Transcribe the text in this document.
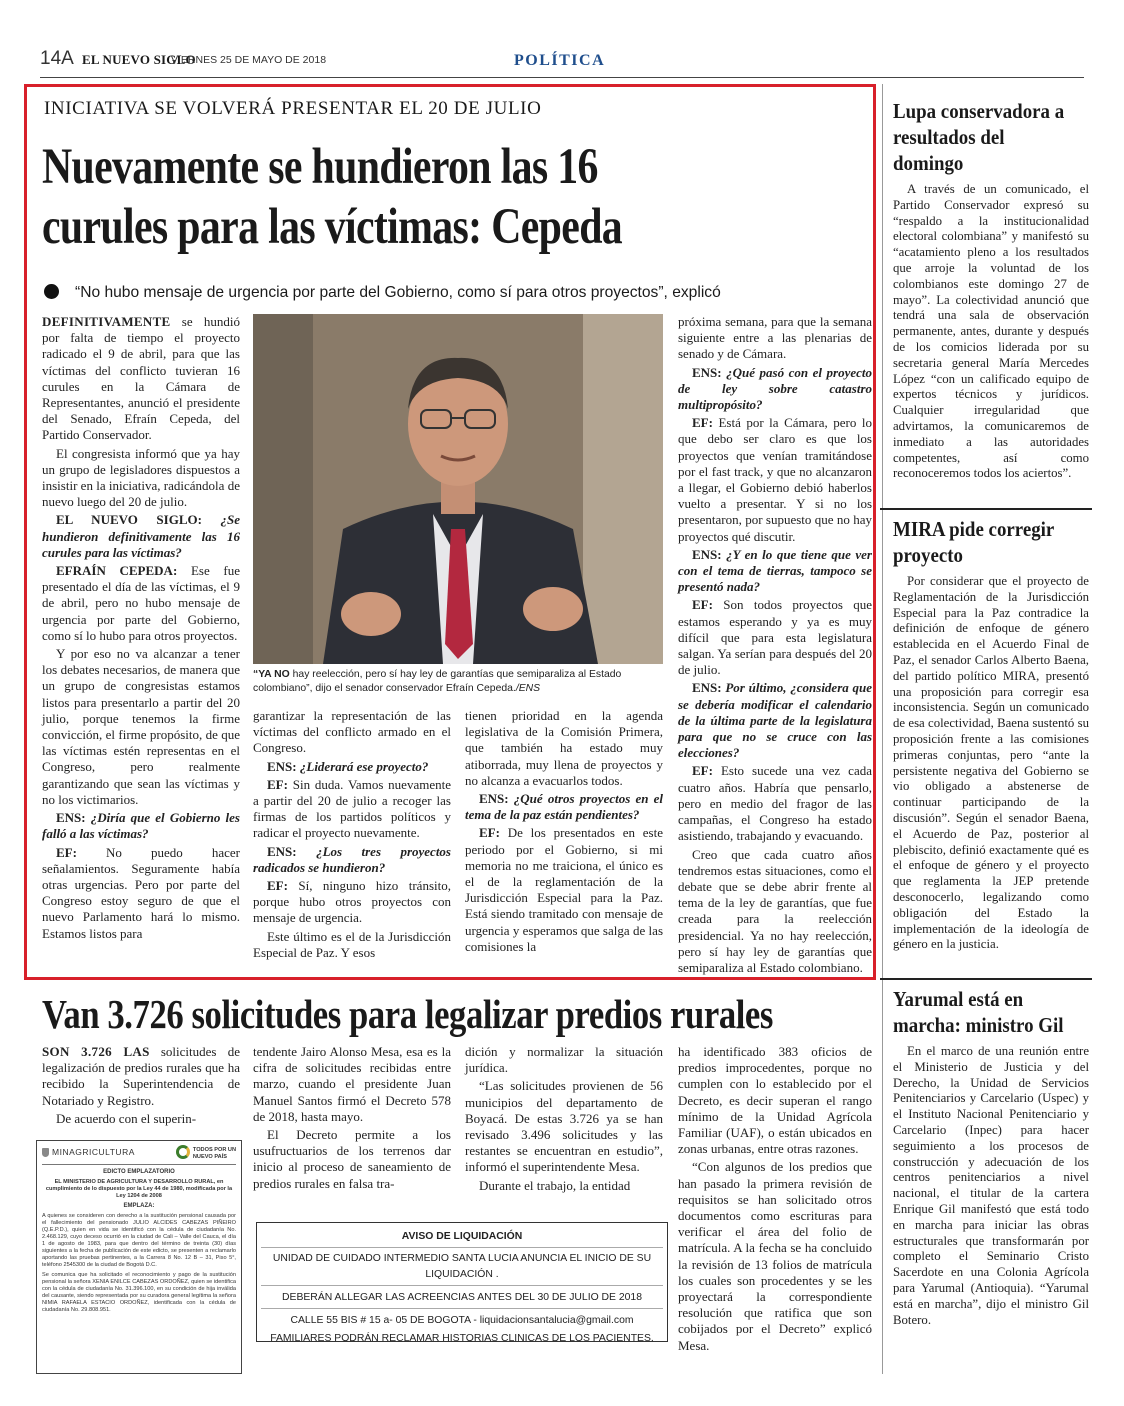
14A EL NUEVO SIGLO
VIERNES 25 DE MAYO DE 2018	POLÍTICA
INICIATIVA SE VOLVERÁ PRESENTAR EL 20 DE JULIO
Nuevamente se hundieron las 16
curules para las víctimas: Cepeda
“No hubo mensaje de urgencia por parte del Gobierno, como sí para otros proyectos”, explicó

DEFINITIVAMENTE se hundió por falta de tiempo el proyecto radicado el 9 de abril, para que las víctimas del conflicto tuvieran 16 curules en la Cámara de Representantes, anunció el presidente del Senado, Efraín Cepeda, del Partido Conservador.

El congresista informó que ya hay un grupo de legisladores dispuestos a insistir en la iniciativa, radicándola de nuevo luego del 20 de julio.

EL NUEVO SIGLO: ¿Se hundieron definitivamente las 16 curules para las víctimas?

EFRAÍN CEPEDA: Ese fue presentado el día de las víctimas, el 9 de abril, pero no hubo mensaje de urgencia por parte del Gobierno, como sí lo hubo para otros proyectos.

Y por eso no va alcanzar a tener los debates necesarios, de manera que un grupo de congresistas estamos listos para presentarlo a partir del 20 julio, porque tenemos la firme convicción, el firme propósito, de que las víctimas estén representas en el Congreso, pero realmente garantizando que sean las víctimas y no los victimarios.

ENS: ¿Diría que el Gobierno les falló a las víctimas?

EF: No puedo hacer señalamientos. Seguramente había otras urgencias. Pero por parte del Congreso estoy seguro de que el nuevo Parlamento hará lo mismo. Estamos listos para

“YA NO hay reelección, pero sí hay ley de garantías que semiparaliza al Estado colombiano”, dijo el senador conservador Efraín Cepeda./ENS

garantizar la representación de las víctimas del conflicto armado en el Congreso.

ENS: ¿Liderará ese proyecto?

EF: Sin duda. Vamos nuevamente a partir del 20 de julio a recoger las firmas de los partidos políticos y radicar el proyecto nuevamente.

ENS: ¿Los tres proyectos radicados se hundieron?

EF: Sí, ninguno hizo tránsito, porque hubo otros proyectos con mensaje de urgencia.

Este último es el de la Jurisdicción Especial de Paz. Y esos

tienen prioridad en la agenda legislativa de la Comisión Primera, que también ha estado muy atiborrada, muy llena de proyectos y no alcanza a evacuarlos todos.

ENS: ¿Qué otros proyectos en el tema de la paz están pendientes?

EF: De los presentados en este periodo por el Gobierno, si mi memoria no me traiciona, el único es el de la reglamentación de la Jurisdicción Especial para la Paz. Está siendo tramitado con mensaje de urgencia y esperamos que salga de las comisiones la

próxima semana, para que la semana siguiente entre a las plenarias de senado y de Cámara.

ENS: ¿Qué pasó con el proyecto de ley sobre catastro multipropósito?

EF: Está por la Cámara, pero lo que debo ser claro es que los proyectos que venían tramitándose por el fast track, y que no alcanzaron a llegar, el Gobierno debió haberlos vuelto a presentar. Y si no los presentaron, por supuesto que no hay proyectos qué discutir.

ENS: ¿Y en lo que tiene que ver con el tema de tierras, tampoco se presentó nada?

EF: Son todos proyectos que estamos esperando y ya es muy difícil que para esta legislatura salgan. Ya serían para después del 20 de julio.

ENS: Por último, ¿considera que se debería modificar el calendario de la última parte de la legislatura para que no se cruce con las elecciones?

EF: Esto sucede una vez cada cuatro años. Habría que pensarlo, pero en medio del fragor de las campañas, el Congreso ha estado asistiendo, trabajando y evacuando.

Creo que cada cuatro años tendremos estas situaciones, como el debate que se debe abrir frente al tema de la ley de garantías, que fue creada para la reelección presidencial. Ya no hay reelección, pero sí hay ley de garantías que semiparaliza al Estado colombiano.

Lupa conservadora a resultados del domingo

A través de un comunicado, el Partido Conservador expresó su “respaldo a la institucionalidad electoral colombiana” y manifestó su “acatamiento pleno a los resultados que arroje la voluntad de los colombianos este domingo 27 de mayo”. La colectividad anunció que tendrá una sala de observación permanente, antes, durante y después de los comicios liderada por su secretaria general María Mercedes López “con un calificado equipo de expertos técnicos y jurídicos. Cualquier irregularidad que advirtamos, la comunicaremos de inmediato a las autoridades competentes, así como reconoceremos todos los aciertos”.

MIRA pide corregir proyecto

Por considerar que el proyecto de Reglamentación de la Jurisdicción Especial para la Paz contradice la definición de enfoque de género establecida en el Acuerdo Final de Paz, el senador Carlos Alberto Baena, del partido político MIRA, presentó una proposición para corregir esa inconsistencia. Según un comunicado de esa colectividad, Baena sustentó su proposición frente a las comisiones primeras conjuntas, pero “ante la persistente negativa del Gobierno se vio obligado a abstenerse de continuar participando de la discusión”. Según el senador Baena, el Acuerdo de Paz, posterior al plebiscito, definió exactamente qué es el enfoque de género y el proyecto que reglamenta la JEP pretende desconocerlo, legalizando como obligación del Estado la implementación de la ideología de género en la justicia.

Yarumal está en marcha: ministro Gil

En el marco de una reunión entre el Ministerio de Justicia y del Derecho, la Unidad de Servicios Penitenciarios y Carcelario (Uspec) y el Instituto Nacional Penitenciario y Carcelario (Inpec) para hacer seguimiento a los procesos de construcción y adecuación de los centros penitenciarios a nivel nacional, el titular de la cartera Enrique Gil manifestó que está todo en marcha para iniciar las obras estructurales que transformarán por completo el Seminario Cristo Sacerdote en una Colonia Agrícola para Yarumal (Antioquia). “Yarumal está en marcha”, dijo el ministro Gil Botero.

Van 3.726 solicitudes para legalizar predios rurales

SON 3.726 LAS solicitudes de legalización de predios rurales que ha recibido la Superintendencia de Notariado y Registro.

De acuerdo con el superin-

tendente Jairo Alonso Mesa, esa es la cifra de solicitudes recibidas entre marzo, cuando el presidente Juan Manuel Santos firmó el Decreto 578 de 2018, hasta mayo.

El Decreto permite a los usufructuarios de los terrenos dar inicio al proceso de saneamiento de predios rurales en falsa tra-

dición y normalizar la situación jurídica.

“Las solicitudes provienen de 56 municipios del departamento de Boyacá. De estas 3.726 ya se han revisado 3.496 solicitudes y las restantes se encuentran en estudio”, informó el superintendente Mesa.

Durante el trabajo, la entidad

ha identificado 383 oficios de predios improcedentes, porque no cumplen con lo establecido por el Decreto, es decir superan el rango mínimo de la Unidad Agrícola Familiar (UAF), o están ubicados en zonas urbanas, entre otras razones.

“Con algunos de los predios que han pasado la primera revisión de requisitos se han solicitado otros documentos como escrituras para verificar el área del folio de matrícula. A la fecha se ha concluido la revisión de 13 folios de matrícula los cuales son procedentes y se les proyectará la correspondiente resolución que ratifica que son cobijados por el Decreto” explicó Mesa.

MINAGRICULTURA	TODOS POR UN
NUEVO PAÍS
EDICTO EMPLAZATORIO

EL MINISTERIO DE AGRICULTURA Y DESARROLLO RURAL, en cumplimiento de lo dispuesto por la Ley 44 de 1980, modificada por la Ley 1204 de 2008

EMPLAZA:

A quienes se consideren con derecho a la sustitución pensional causada por el fallecimiento del pensionado JULIO ALCIDES CABEZAS PIÑEIRO (Q.E.P.D.), quien en vida se identificó con la cédula de ciudadanía No. 2.468.129, cuyo deceso ocurrió en la ciudad de Cali – Valle del Cauca, el día 1 de agosto de 1983, para que dentro del término de treinta (30) días siguientes a la fecha de publicación de este edicto, se presenten a reclamarlo aportando las pruebas pertinentes, a la Carrera 8 No. 12 B – 31, Piso 5°, teléfono 2545300 de la ciudad de Bogotá D.C.

Se comunica que ha solicitado el reconocimiento y pago de la sustitución pensional la señora XENIA ENILCE CABEZAS ORDOÑEZ, quien se identifica con la cédula de ciudadanía No. 31.396.100, en su condición de hija inválida del causante, siendo representada por su curadora general legítima la señora NIMIA RAFAELA ESTACIO ORDOÑEZ, identificada con la cédula de ciudadanía No. 29.808.951.

AVISO DE LIQUIDACIÓN
UNIDAD DE CUIDADO INTERMEDIO SANTA LUCIA ANUNCIA EL INICIO DE SU LIQUIDACIÓN .
DEBERÁN ALLEGAR LAS ACREENCIAS ANTES DEL 30 DE JULIO DE 2018
CALLE 55 BIS # 15 a- 05 DE BOGOTA - liquidacionsantalucia@gmail.com
FAMILIARES PODRÁN RECLAMAR HISTORIAS CLINICAS DE LOS PACIENTES.
